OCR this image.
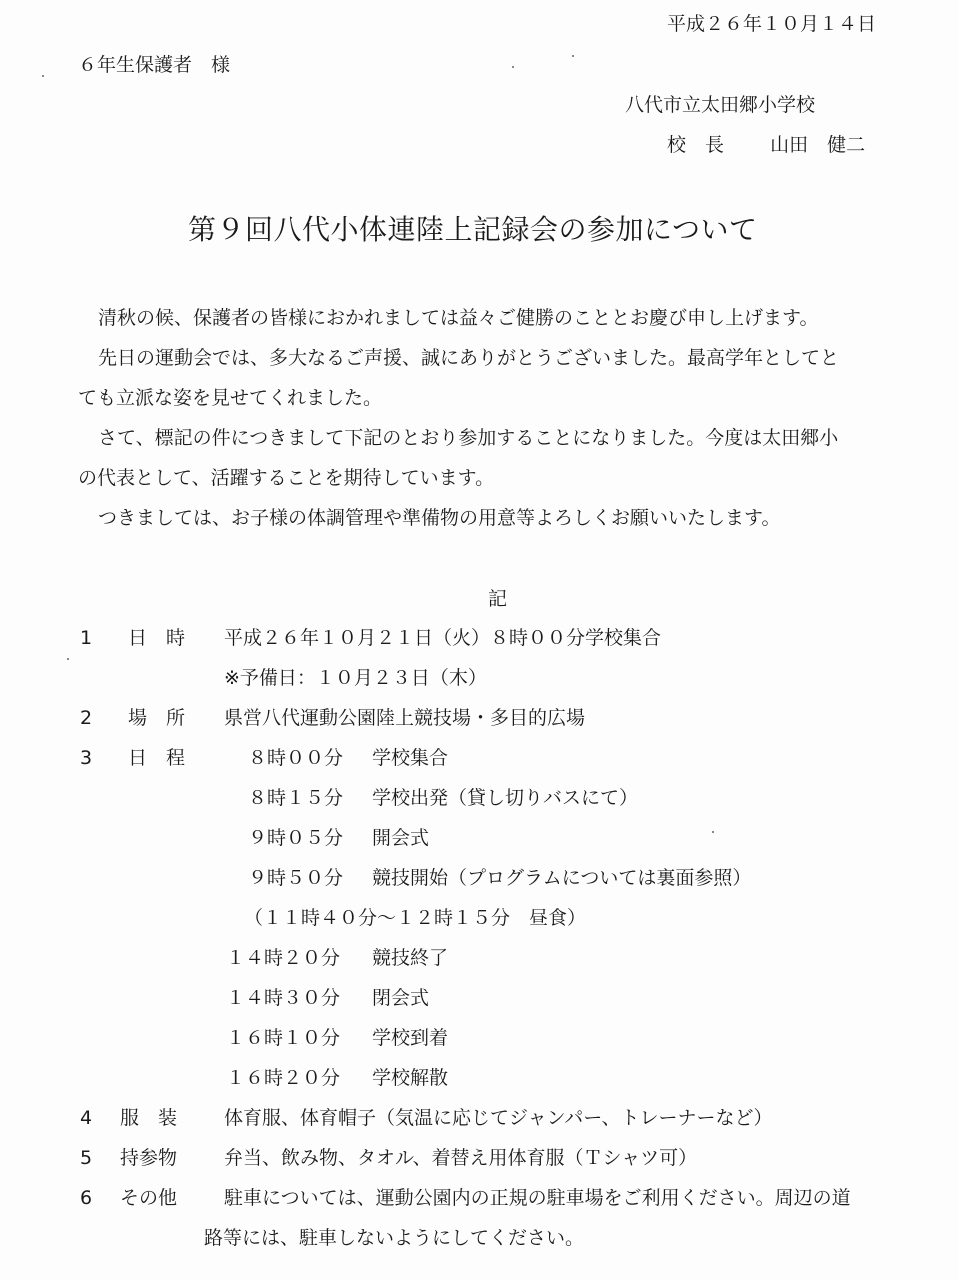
平成２６年１０月１４日
６年生保護者　様
八代市立太田郷小学校
校　長 山田　健二
第９回八代小体連陸上記録会の参加について
清秋の候、保護者の皆様におかれましては益々ご健勝のこととお慶び申し上げます。
先日の運動会では、多大なるご声援、誠にありがとうございました。最高学年としてと
ても立派な姿を見せてくれました。
さて、標記の件につきまして下記のとおり参加することになりました。今度は太田郷小
の代表として、活躍することを期待しています。
つきましては、お子様の体調管理や準備物の用意等よろしくお願いいたします。
記
1 日　時 平成２６年１０月２１日（火）８時００分学校集合
※予備日：１０月２３日（木）
2 場　所 県営八代運動公園陸上競技場・多目的広場
3 日　程	８時００分 学校集合
８時１５分 学校出発（貸し切りバスにて）
９時０５分 開会式
９時５０分 競技開始（プログラムについては裏面参照）
（１１時４０分～１２時１５分　昼食）
１４時２０分 競技終了
１４時３０分 閉会式
１６時１０分 学校到着
１６時２０分 学校解散
4 服　装 体育服、体育帽子（気温に応じてジャンパー、トレーナーなど）
5 持参物 弁当、飲み物、タオル、着替え用体育服（Ｔシャツ可）
6 その他 駐車については、運動公園内の正規の駐車場をご利用ください。周辺の道
路等には、駐車しないようにしてください。
